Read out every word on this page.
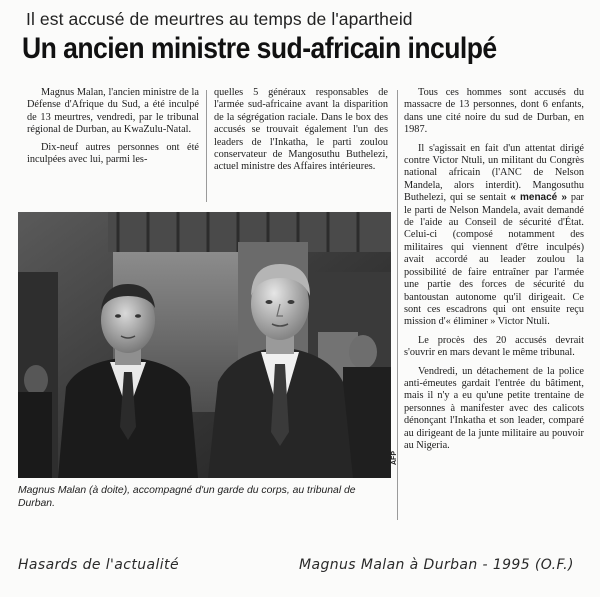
Il est accusé de meurtres au temps de l'apartheid
Un ancien ministre sud-africain inculpé

Magnus Malan, l'ancien ministre de la Défense d'Afrique du Sud, a été inculpé de 13 meurtres, vendredi, par le tribunal régional de Durban, au KwaZulu-Natal.

Dix-neuf autres personnes ont été inculpées avec lui, parmi les-

quelles 5 généraux responsables de l'armée sud-africaine avant la disparition de la ségrégation raciale. Dans le box des accusés se trouvait également l'un des leaders de l'Inkatha, le parti zoulou conservateur de Mangosuthu Buthelezi, actuel ministre des Affaires intérieures.

Tous ces hommes sont accusés du massacre de 13 personnes, dont 6 enfants, dans une cité noire du sud de Durban, en 1987.

Il s'agissait en fait d'un attentat dirigé contre Victor Ntuli, un militant du Congrès national africain (l'ANC de Nelson Mandela, alors interdit). Mangosuthu Buthelezi, qui se sentait « menacé » par le parti de Nelson Mandela, avait demandé de l'aide au Conseil de sécurité d'État. Celui-ci (composé notamment des militaires qui viennent d'être inculpés) avait accordé au leader zoulou la possibilité de faire entraîner par l'armée une partie des forces de sécurité du bantoustan autonome qu'il dirigeait. Ce sont ces escadrons qui ont ensuite reçu mission d'« éliminer » Victor Ntuli.

Le procès des 20 accusés devrait s'ouvrir en mars devant le même tribunal.

Vendredi, un détachement de la police anti-émeutes gardait l'entrée du bâtiment, mais il n'y a eu qu'une petite trentaine de personnes à manifester avec des calicots dénonçant l'Inkatha et son leader, comparé au dirigeant de la junte militaire au pouvoir au Nigeria.

AFP
Magnus Malan (à doite), accompagné d'un garde du corps, au tribunal de Durban.
Hasards de l'actualité	Magnus Malan à Durban - 1995 (O.F.)
